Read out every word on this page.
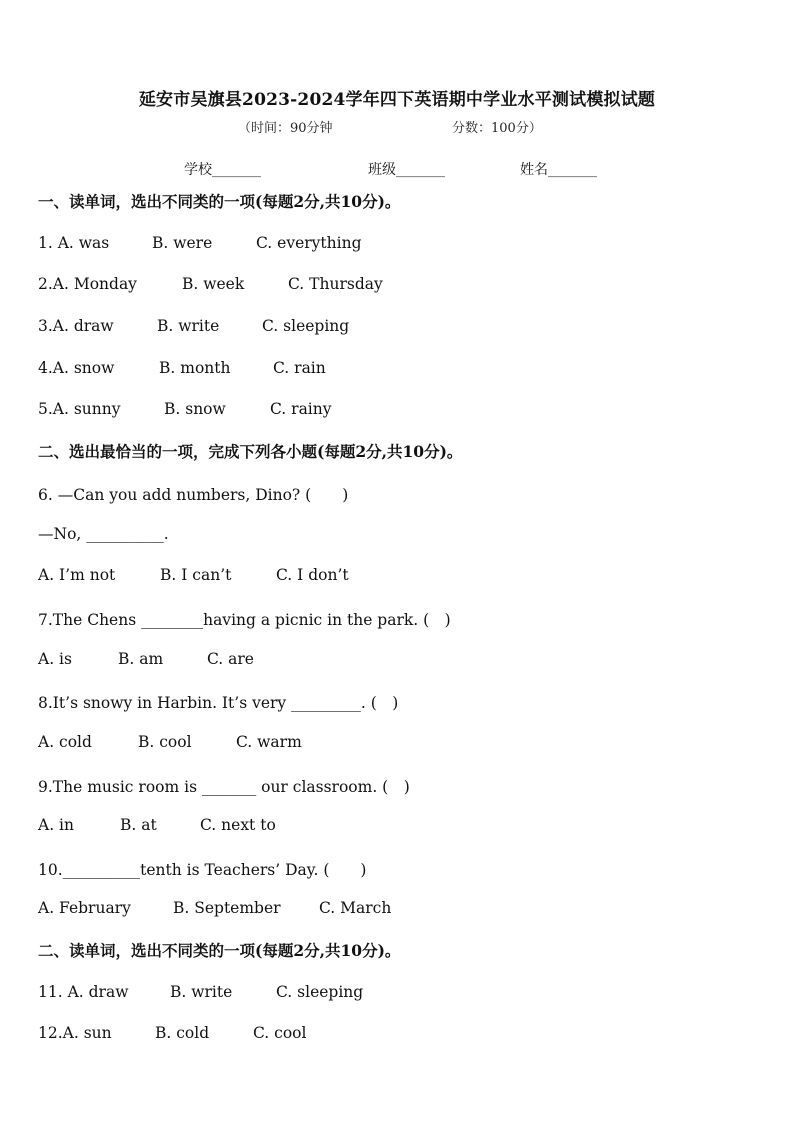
延安市吴旗县2023-2024学年四下英语期中学业水平测试模拟试题
（时间：90分钟	分数：100分）
学校_______	班级_______	姓名_______
一、读单词，选出不同类的一项(每题2分,共10分)。
1. A. was	B. were	C. everything
2.A. Monday	B. week	C. Thursday
3.A. draw	B. write	C. sleeping
4.A. snow	B. month	C. rain
5.A. sunny	B. snow	C. rainy
二、选出最恰当的一项，完成下列各小题(每题2分,共10分)。
6. —Can you add numbers, Dino? (　　)
—No, __________.
A. I’m not	B. I can’t	C. I don’t
7.The Chens ________having a picnic in the park. (　)
A. is	B. am	C. are
8.It’s snowy in Harbin. It’s very _________. (　)
A. cold	B. cool	C. warm
9.The music room is _______ our classroom. (　)
A. in	B. at	C. next to
10.__________tenth is Teachers’ Day. (　　)
A. February	B. September C. March
二、读单词，选出不同类的一项(每题2分,共10分)。
11. A. draw	B. write	C. sleeping
12.A. sun	B. cold	C. cool
